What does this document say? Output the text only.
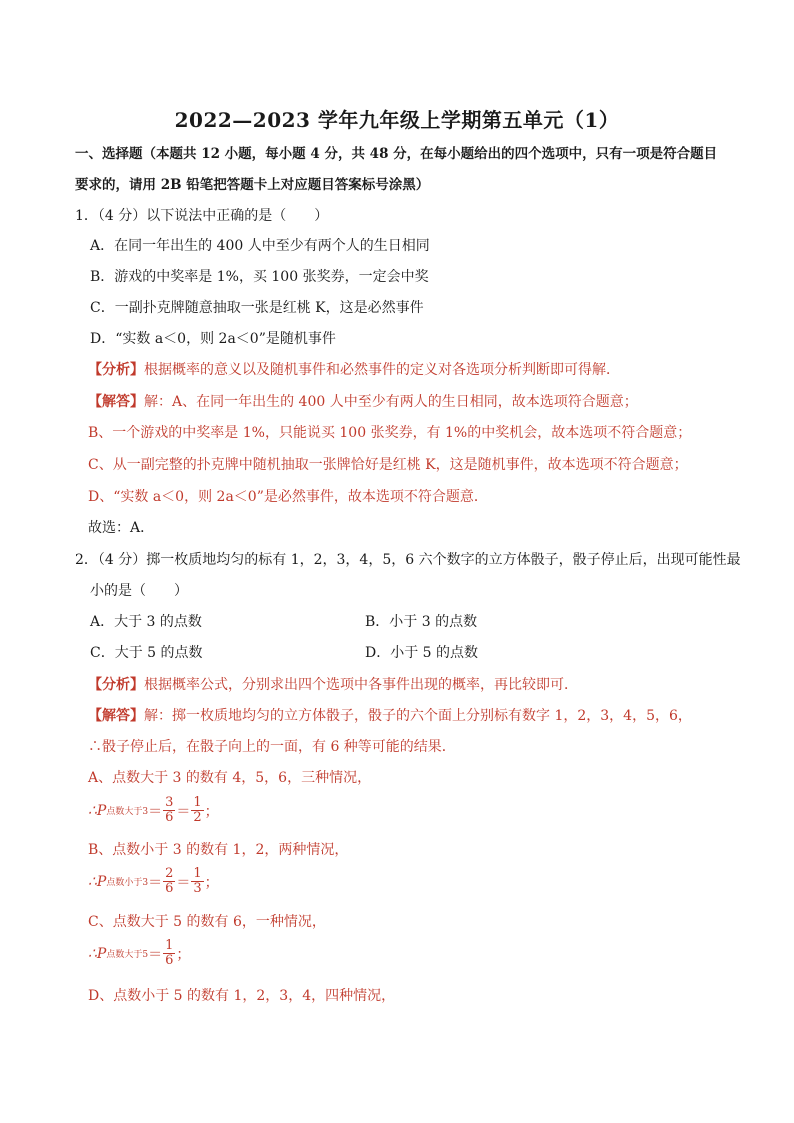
2022—2023 学年九年级上学期第五单元（1）
一、选择题（本题共 12 小题，每小题 4 分，共 48 分，在每小题给出的四个选项中，只有一项是符合题目
要求的，请用 2B 铅笔把答题卡上对应题目答案标号涂黑）
1．（4 分）以下说法中正确的是（　　）
A．在同一年出生的 400 人中至少有两个人的生日相同
B．游戏的中奖率是 1%，买 100 张奖券，一定会中奖
C．一副扑克牌随意抽取一张是红桃 K，这是必然事件
D．“实数 a＜0，则 2a＜0”是随机事件
【分析】根据概率的意义以及随机事件和必然事件的定义对各选项分析判断即可得解．
【解答】解：A、在同一年出生的 400 人中至少有两人的生日相同，故本选项符合题意；
B、一个游戏的中奖率是 1%，只能说买 100 张奖券，有 1%的中奖机会，故本选项不符合题意；
C、从一副完整的扑克牌中随机抽取一张牌恰好是红桃 K，这是随机事件，故本选项不符合题意；
D、“实数 a＜0，则 2a＜0”是必然事件，故本选项不符合题意．
故选：A．
2．（4 分）掷一枚质地均匀的标有 1，2，3，4，5，6 六个数字的立方体骰子，骰子停止后，出现可能性最
小的是（　　）
A．大于 3 的点数	B．小于 3 的点数
C．大于 5 的点数	D．小于 5 的点数
【分析】根据概率公式，分别求出四个选项中各事件出现的概率，再比较即可．
【解答】解：掷一枚质地均匀的立方体骰子，骰子的六个面上分别标有数字 1，2，3，4，5，6，
∴骰子停止后，在骰子向上的一面，有 6 种等可能的结果．
A、点数大于 3 的数有 4，5，6，三种情况，
∴P 点数大于$3 = \frac{3}{6} = \frac{1}{2}$ ；
B、点数小于 3 的数有 1，2，两种情况，
∴P 点数小于$3 = \frac{2}{6} = \frac{1}{3}$ ；
C、点数大于 5 的数有 6，一种情况，
∴P 点数大于$5 = \frac{1}{6}$ ；
D、点数小于 5 的数有 1，2，3，4，四种情况，
